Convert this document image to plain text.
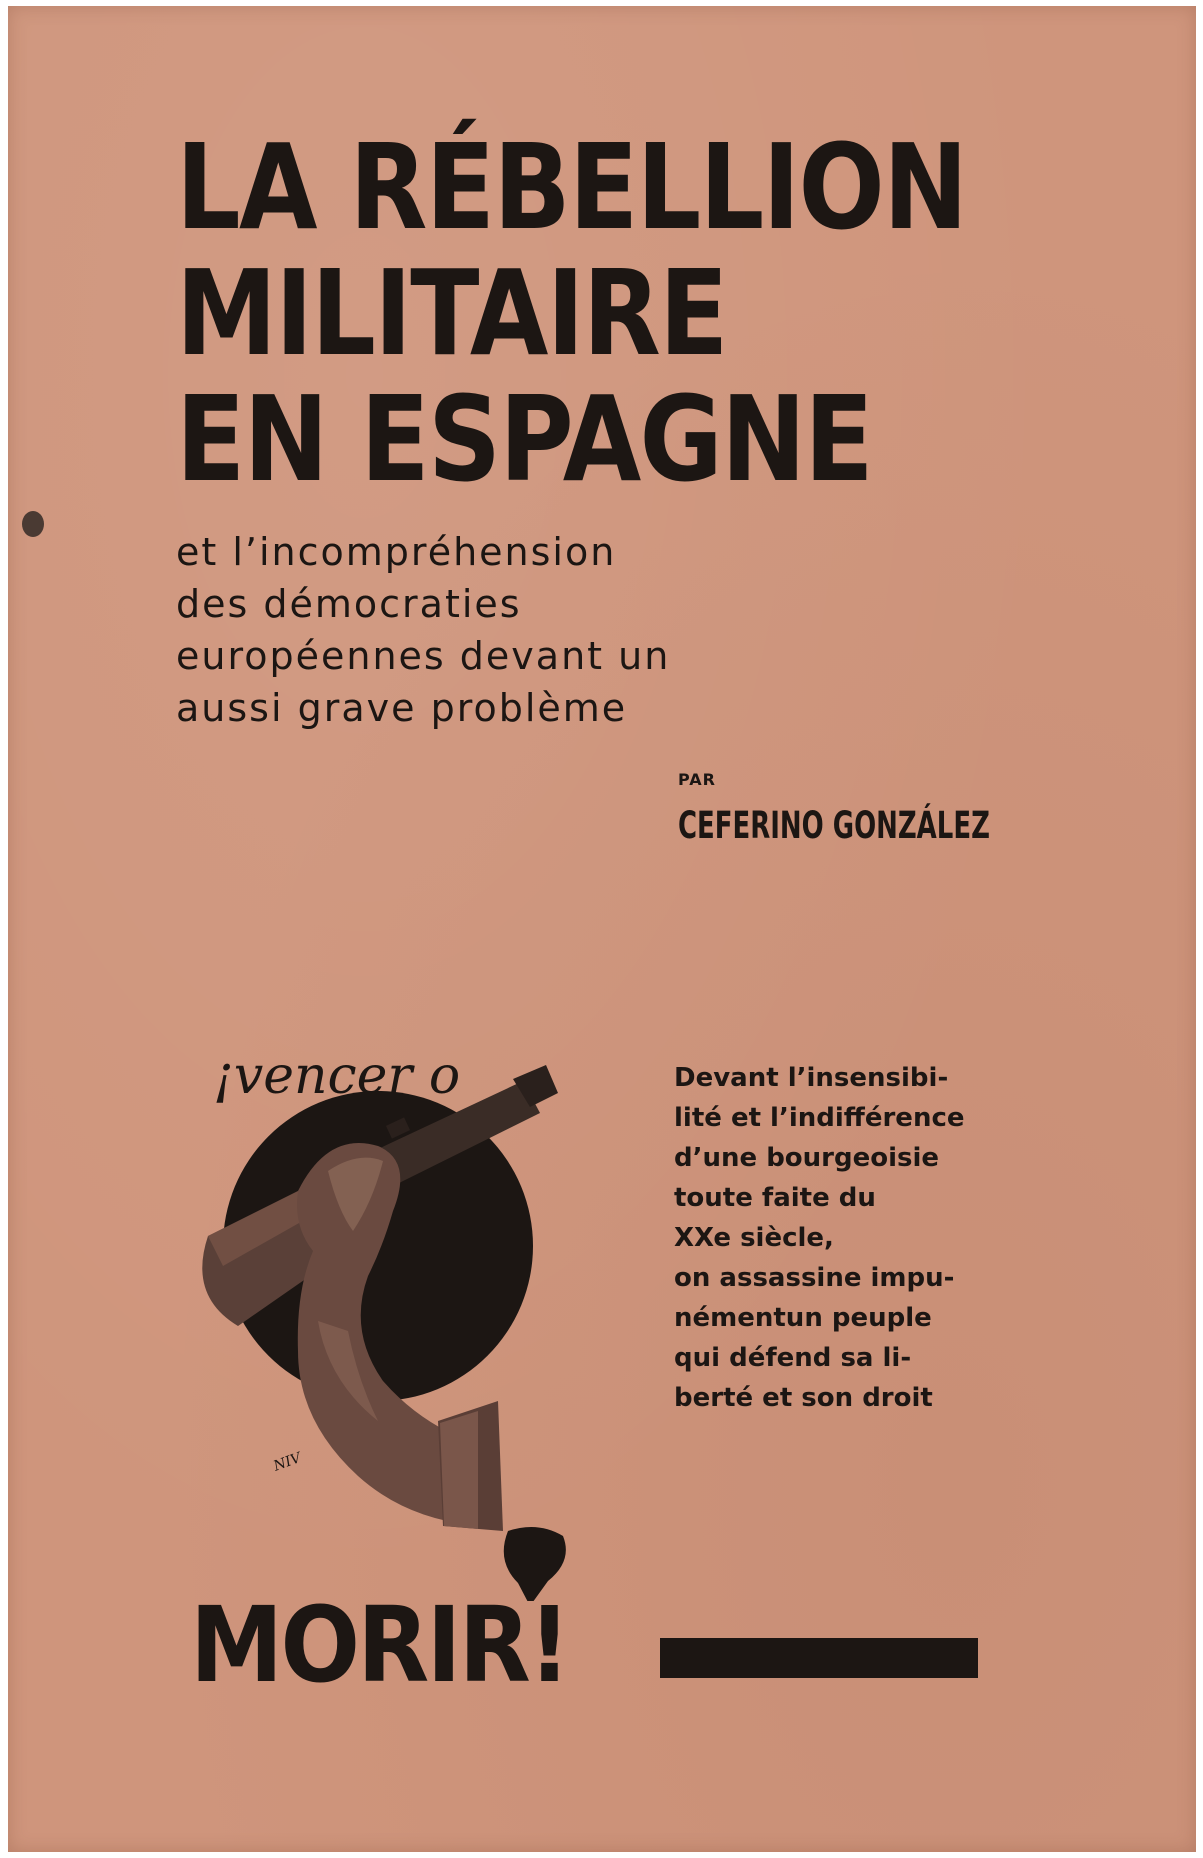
LA RÉBELLION
MILITAIRE
EN ESPAGNE
et l’incompréhension
des démocraties
européennes devant un
aussi grave problème
PAR
CEFERINO GONZÁLEZ
NIV
¡vencer o
MORIR!
Devant l’insensibi-
lité et l’indifférence
d’une bourgeoisie
toute faite du
XXe siècle,
on assassine impu-
némentun peuple
qui défend sa li-
berté et son droit
